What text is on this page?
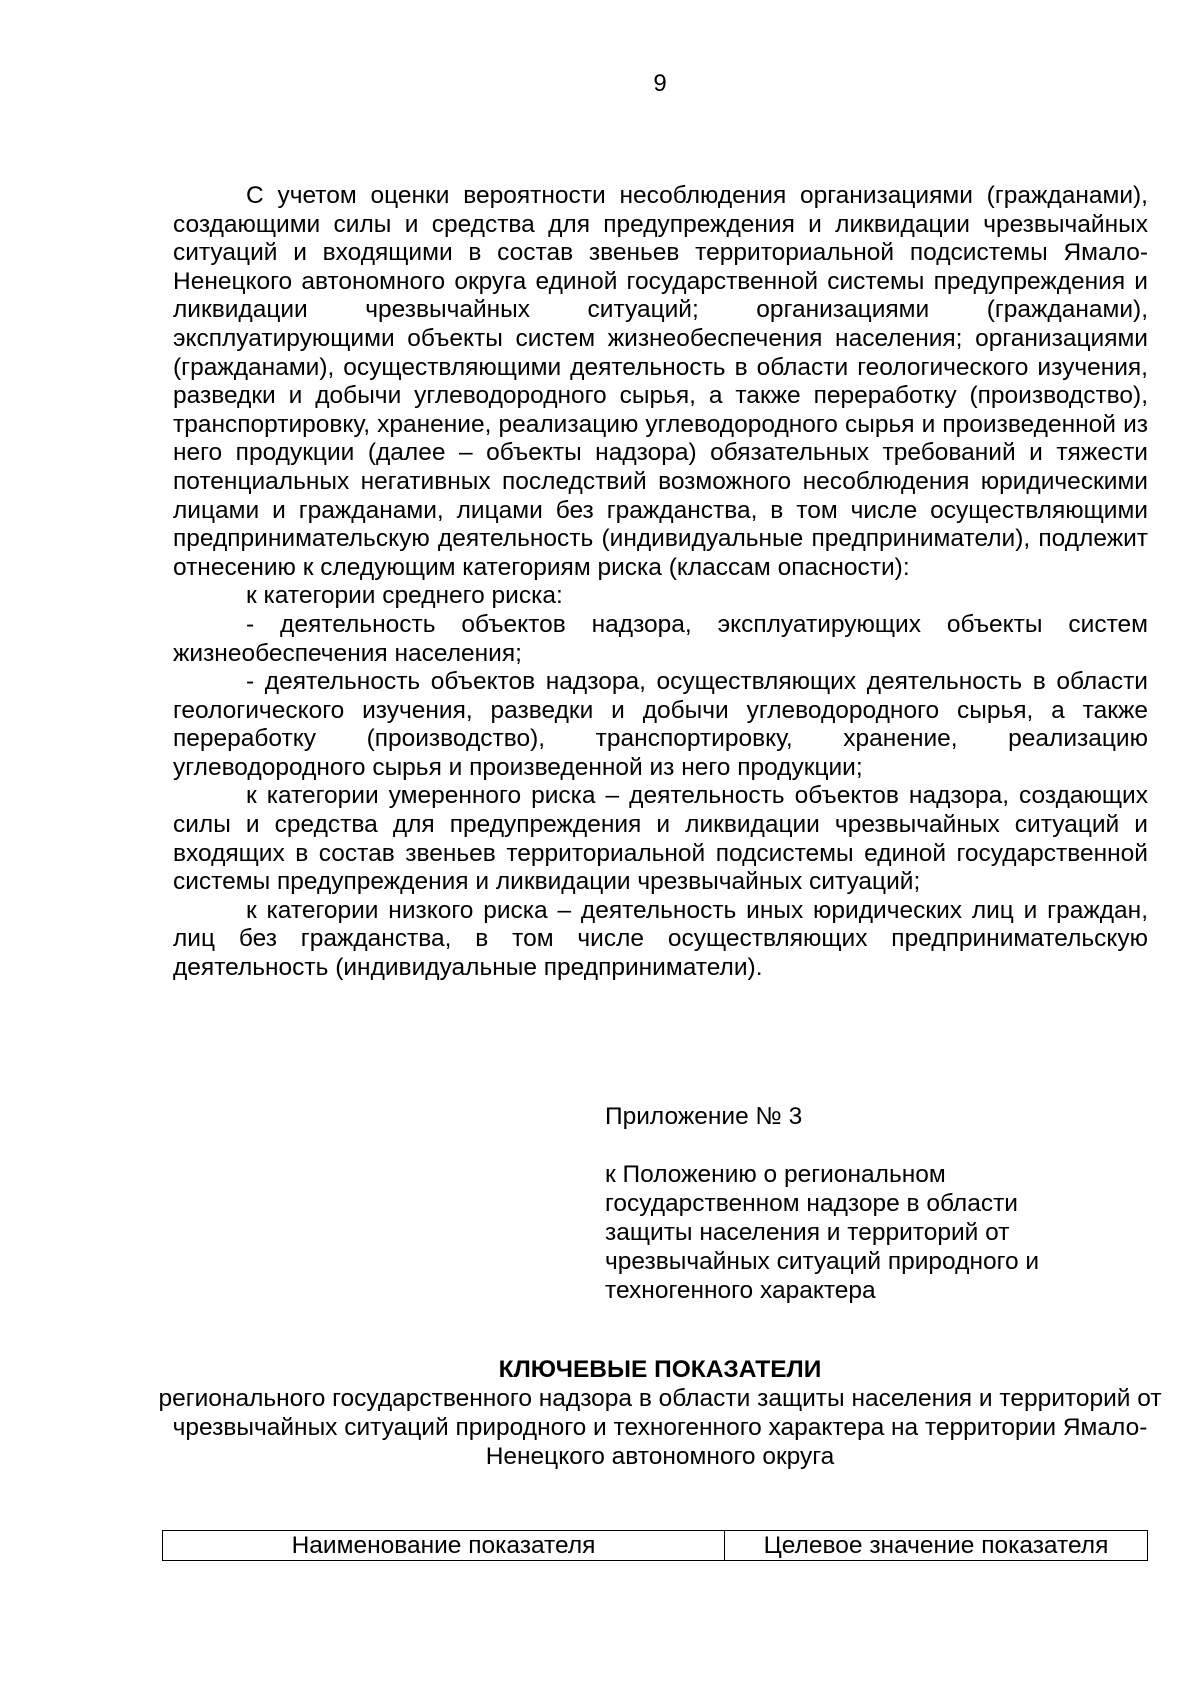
9

С учетом оценки вероятности несоблюдения организациями (гражданами), создающими силы и средства для предупреждения и ликвидации чрезвычайных ситуаций и входящими в состав звеньев территориальной подсистемы Ямало-Ненецкого автономного округа единой государственной системы предупреждения и ликвидации чрезвычайных ситуаций; организациями (гражданами), эксплуатирующими объекты систем жизнеобеспечения населения; организациями (гражданами), осуществляющими деятельность в области геологического изучения, разведки и добычи углеводородного сырья, а также переработку (производство), транспортировку, хранение, реализацию углеводородного сырья и произведенной из него продукции (далее – объекты надзора) обязательных требований и тяжести потенциальных негативных последствий возможного несоблюдения юридическими лицами и гражданами, лицами без гражданства, в том числе осуществляющими предпринимательскую деятельность (индивидуальные предприниматели), подлежит отнесению к следующим категориям риска (классам опасности):

к категории среднего риска:

- деятельность объектов надзора, эксплуатирующих объекты систем жизнеобеспечения населения;

- деятельность объектов надзора, осуществляющих деятельность в области геологического изучения, разведки и добычи углеводородного сырья, а также переработку (производство), транспортировку, хранение, реализацию углеводородного сырья и произведенной из него продукции;

к категории умеренного риска – деятельность объектов надзора, создающих силы и средства для предупреждения и ликвидации чрезвычайных ситуаций и входящих в состав звеньев территориальной подсистемы единой государственной системы предупреждения и ликвидации чрезвычайных ситуаций;

к категории низкого риска – деятельность иных юридических лиц и граждан, лиц без гражданства, в том числе осуществляющих предпринимательскую деятельность (индивидуальные предприниматели).

Приложение № 3
к Положению о региональном государственном надзоре в области защиты населения и территорий от чрезвычайных ситуаций природного и техногенного характера
КЛЮЧЕВЫЕ ПОКАЗАТЕЛИ
регионального государственного надзора в области защиты населения и территорий от чрезвычайных ситуаций природного и техногенного характера на территории Ямало-Ненецкого автономного округа
Наименование показателя	Целевое значение показателя
